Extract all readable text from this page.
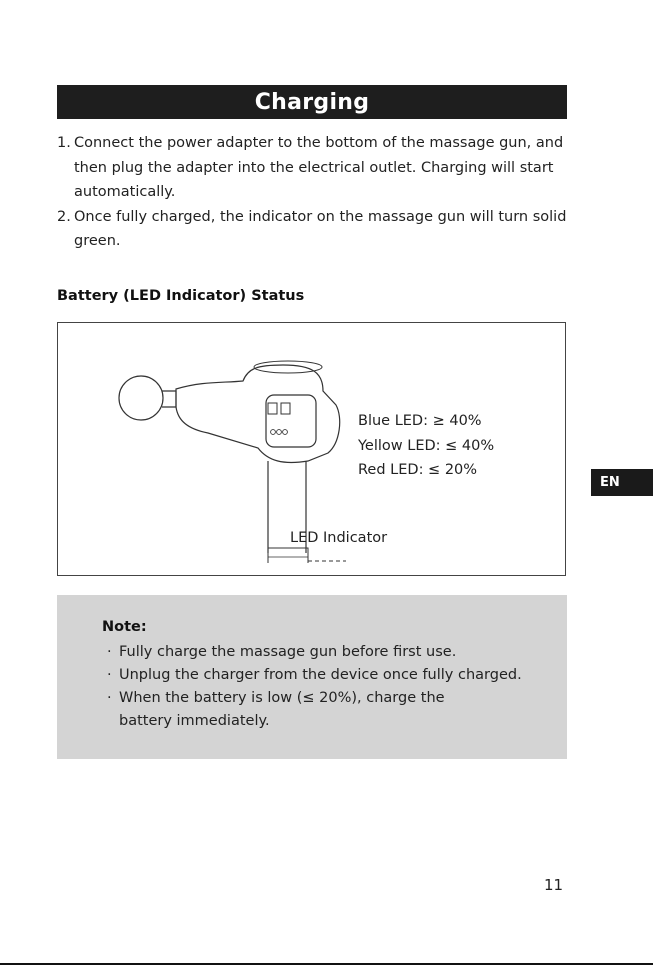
Charging
1. Connect the power adapter to the bottom of the massage gun, and then plug the adapter into the electrical outlet. Charging will start automatically.
2. Once fully charged, the indicator on the massage gun will turn solid green.
Battery (LED Indicator) Status
Blue LED: ≥ 40%
Yellow LED: ≤ 40%
Red LED: ≤ 20%
LED Indicator
EN
Note:
· Fully charge the massage gun before first use.
· Unplug the charger from the device once fully charged.
· When the battery is low (≤ 20%), charge the battery immediately.
11
